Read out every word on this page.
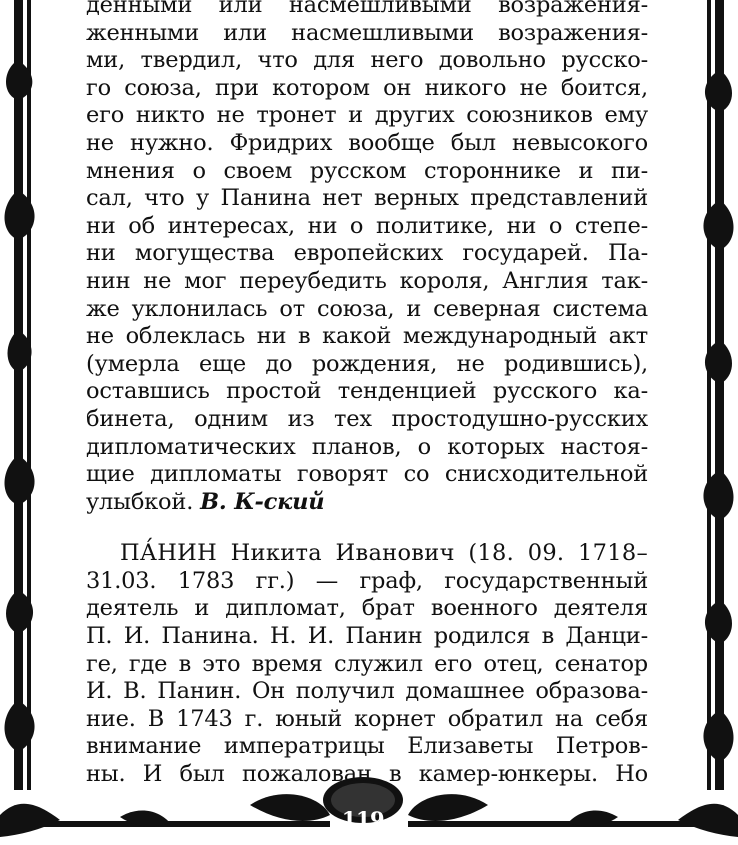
119
денными или насмешливыми возражения-
женными или насмешливыми возражения-
ми, твердил, что для него довольно русско-
го союза, при котором он никого не боится,
его никто не тронет и других союзников ему
не нужно. Фридрих вообще был невысокого
мнения о своем русском стороннике и пи-
сал, что у Панина нет верных представлений
ни об интересах, ни о политике, ни о степе-
ни могущества европейских государей. Па-
нин не мог переубедить короля, Англия так-
же уклонилась от союза, и северная система
не облеклась ни в какой международный акт
(умерла еще до рождения, не родившись),
оставшись простой тенденцией русского ка-
бинета, одним из тех простодушно-русских
дипломатических планов, о которых настоя-
щие дипломаты говорят со снисходительной
улыбкой. В. К-ский
ПА́НИН Никита Иванович (18. 09. 1718–
31.03. 1783 гг.) — граф, государственный
деятель и дипломат, брат военного деятеля
П. И. Панина. Н. И. Панин родился в Данци-
ге, где в это время служил его отец, сенатор
И. В. Панин. Он получил домашнее образова-
ние. В 1743 г. юный корнет обратил на себя
внимание императрицы Елизаветы Петров-
ны. И был пожалован в камер-юнкеры. Но
